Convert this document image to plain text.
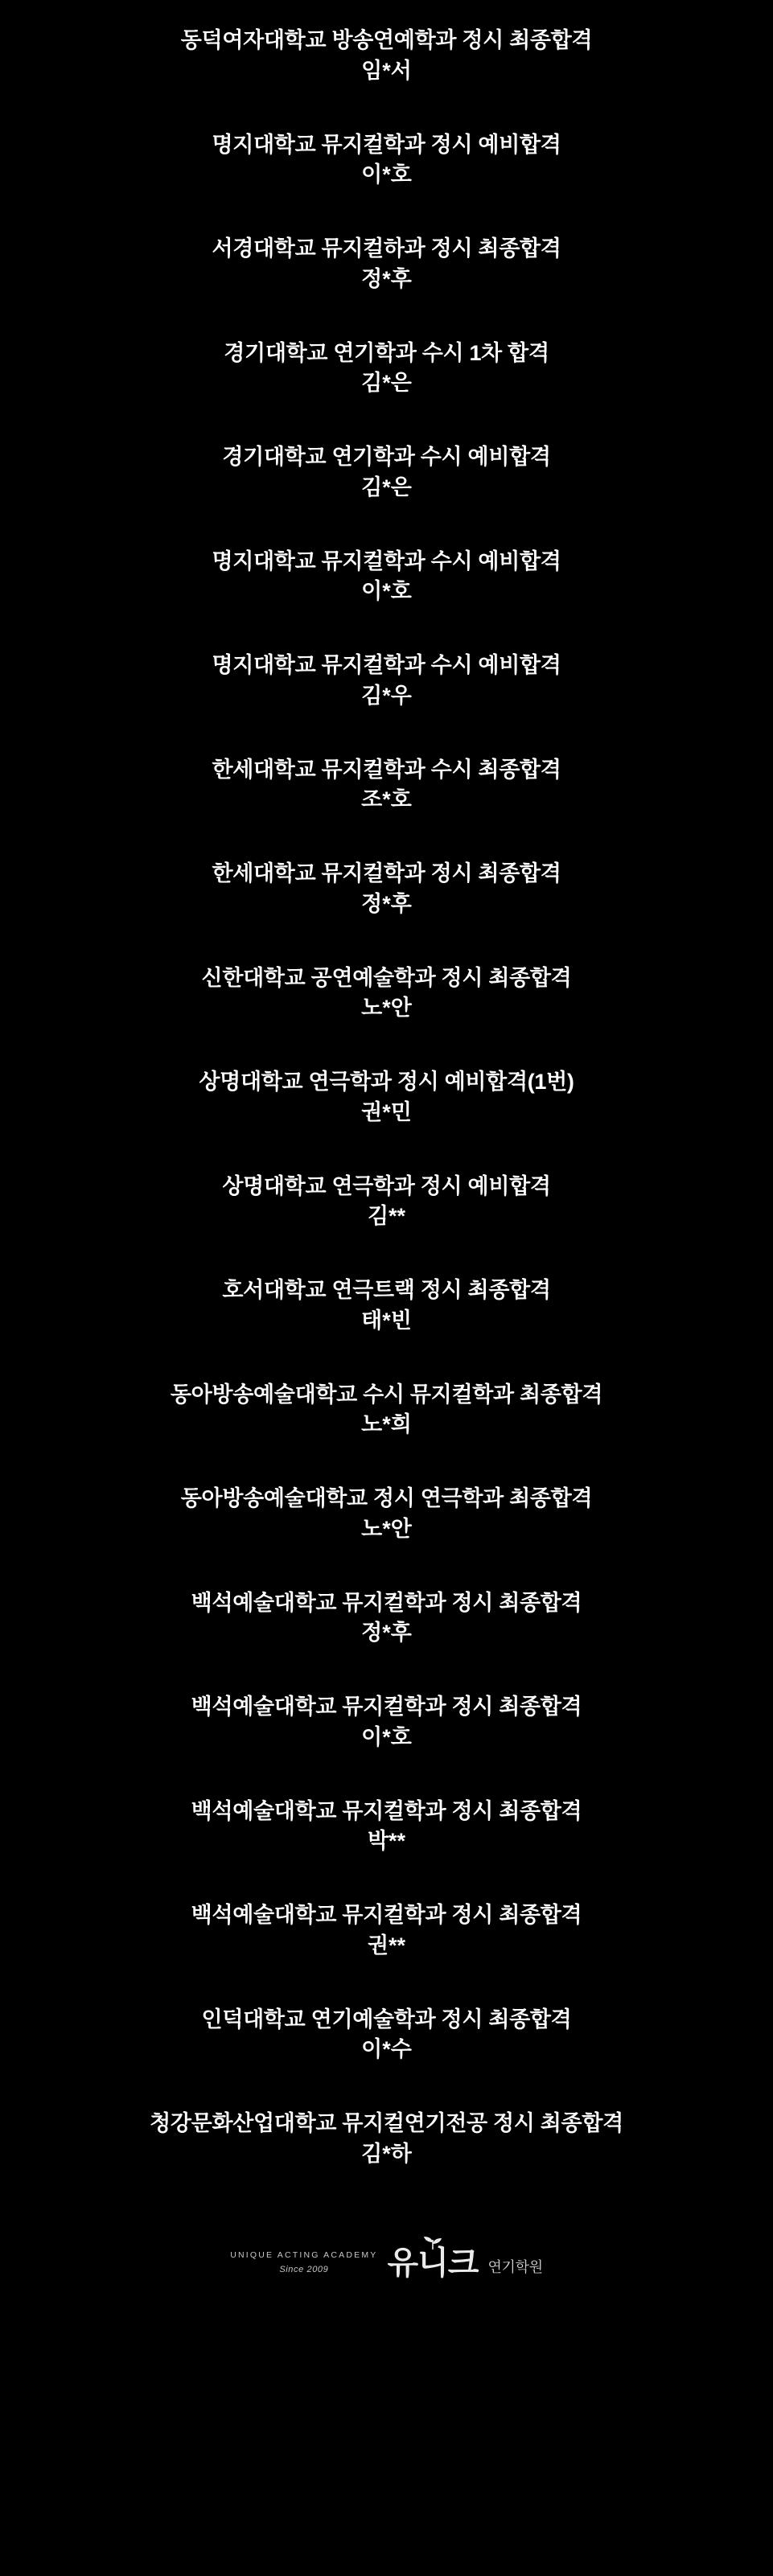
동덕여자대학교 방송연예학과 정시 최종합격
임*서
명지대학교 뮤지컬학과 정시 예비합격
이*호
서경대학교 뮤지컬하과 정시 최종합격
정*후
경기대학교 연기학과 수시 1차 합격
김*은
경기대학교 연기학과 수시 예비합격
김*은
명지대학교 뮤지컬학과 수시 예비합격
이*호
명지대학교 뮤지컬학과 수시 예비합격
김*우
한세대학교 뮤지컬학과 수시 최종합격
조*호
한세대학교 뮤지컬학과 정시 최종합격
정*후
신한대학교 공연예술학과 정시 최종합격
노*안
상명대학교 연극학과 정시 예비합격(1번)
권*민
상명대학교 연극학과 정시 예비합격
김**
호서대학교 연극트랙 정시 최종합격
태*빈
동아방송예술대학교 수시 뮤지컬학과 최종합격
노*희
동아방송예술대학교 정시 연극학과 최종합격
노*안
백석예술대학교 뮤지컬학과 정시 최종합격
정*후
백석예술대학교 뮤지컬학과 정시 최종합격
이*호
백석예술대학교 뮤지컬학과 정시 최종합격
박**
백석예술대학교 뮤지컬학과 정시 최종합격
권**
인덕대학교 연기예술학과 정시 최종합격
이*수
청강문화산업대학교 뮤지컬연기전공 정시 최종합격
김*하
UNIQUE ACTING ACADEMY
Since 2009 유니크 연기학원
